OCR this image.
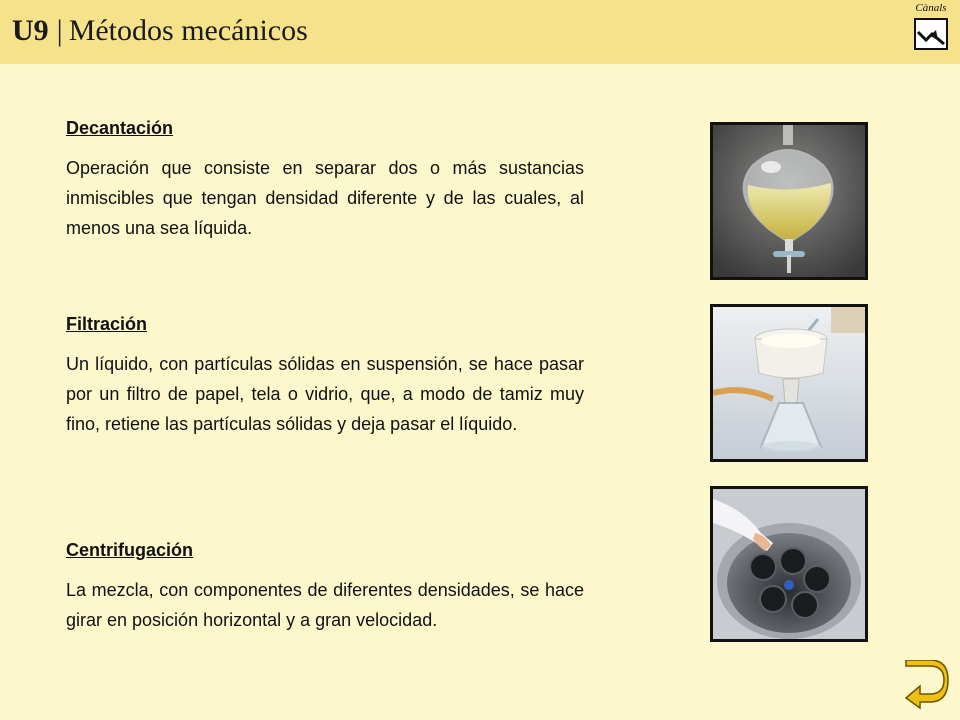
U9 | Métodos mecánicos
Cànals
Decantación

Operación que consiste en separar dos o más sustancias inmiscibles que tengan densidad diferente y de las cuales, al menos una sea líquida.

Filtración

Un líquido, con partículas sólidas en suspensión, se hace pasar por un filtro de papel, tela o vidrio, que, a modo de tamiz muy fino, retiene las partículas sólidas y deja pasar el líquido.

Centrifugación

La mezcla, con componentes de diferentes densidades, se hace girar en posición horizontal y a gran velocidad.
